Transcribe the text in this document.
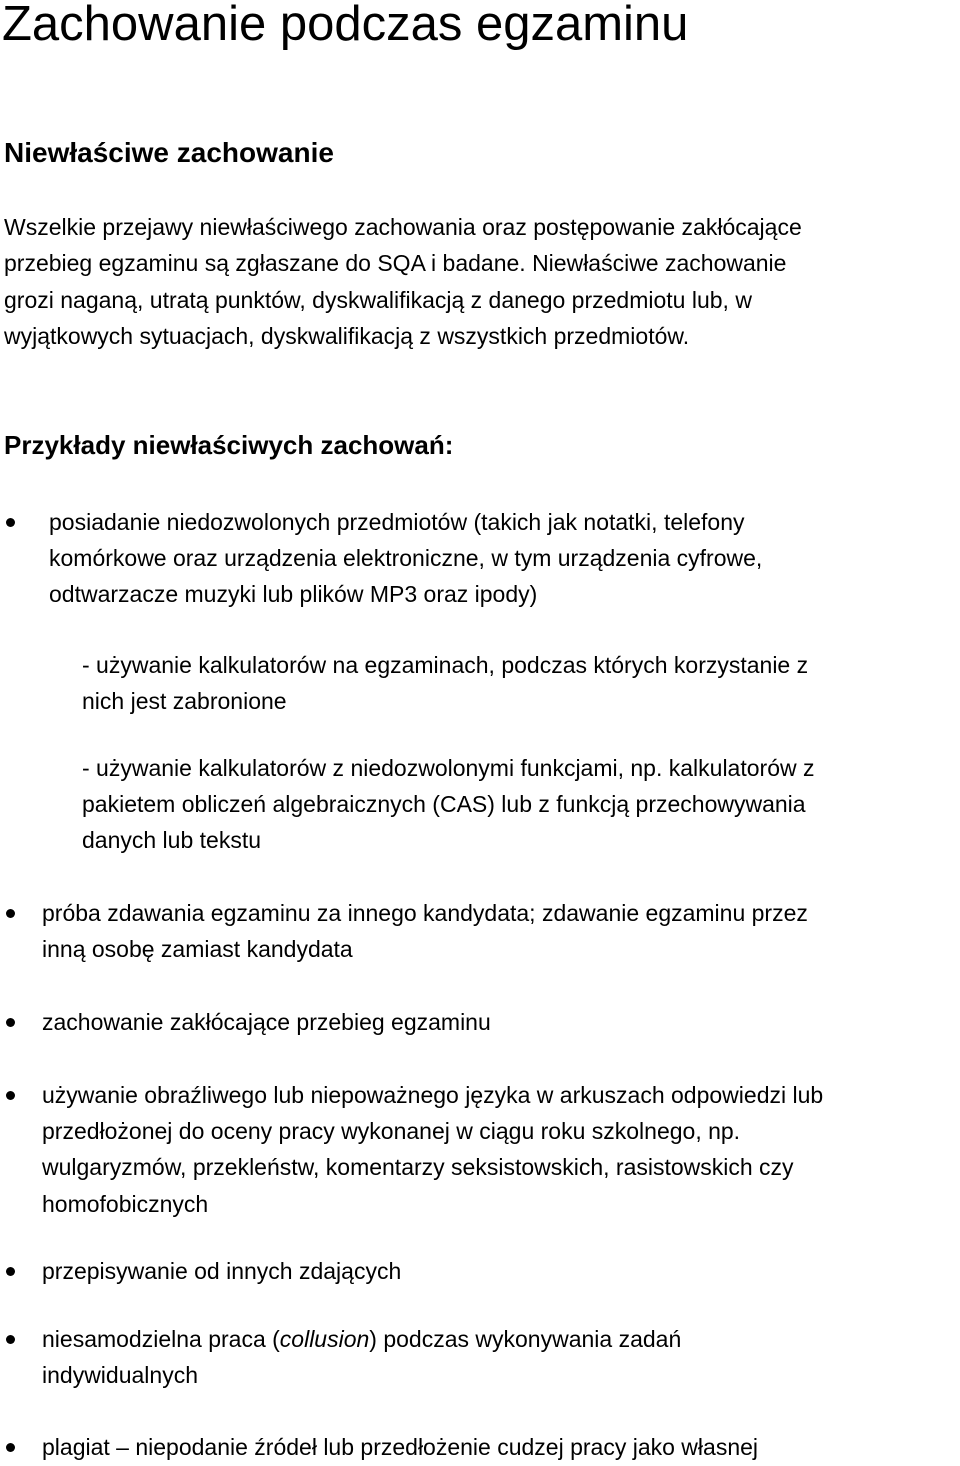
Zachowanie podczas egzaminu
Niewłaściwe zachowanie
Wszelkie przejawy niewłaściwego zachowania oraz postępowanie zakłócające
przebieg egzaminu są zgłaszane do SQA i badane. Niewłaściwe zachowanie
grozi naganą, utratą punktów, dyskwalifikacją z danego przedmiotu lub, w
wyjątkowych sytuacjach, dyskwalifikacją z wszystkich przedmiotów.
Przykłady niewłaściwych zachowań:
posiadanie niedozwolonych przedmiotów (takich jak notatki, telefony
komórkowe oraz urządzenia elektroniczne, w tym urządzenia cyfrowe,
odtwarzacze muzyki lub plików MP3 oraz ipody)
- używanie kalkulatorów na egzaminach, podczas których korzystanie z
nich jest zabronione
- używanie kalkulatorów z niedozwolonymi funkcjami, np. kalkulatorów z
pakietem obliczeń algebraicznych (CAS) lub z funkcją przechowywania
danych lub tekstu
próba zdawania egzaminu za innego kandydata; zdawanie egzaminu przez
inną osobę zamiast kandydata
zachowanie zakłócające przebieg egzaminu
używanie obraźliwego lub niepoważnego języka w arkuszach odpowiedzi lub
przedłożonej do oceny pracy wykonanej w ciągu roku szkolnego, np.
wulgaryzmów, przekleństw, komentarzy seksistowskich, rasistowskich czy
homofobicznych
przepisywanie od innych zdających
niesamodzielna praca (collusion) podczas wykonywania zadań
indywidualnych
plagiat – niepodanie źródeł lub przedłożenie cudzej pracy jako własnej
